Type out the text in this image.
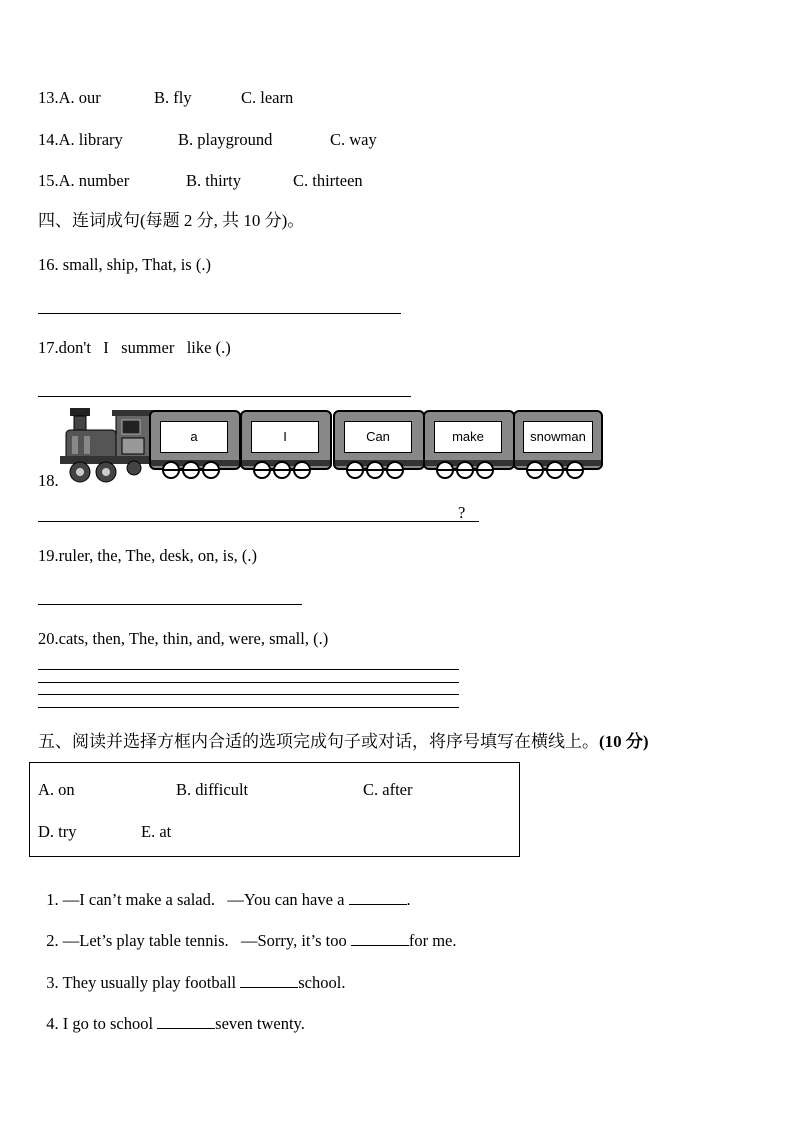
13.A. our	B. fly	C. learn
14.A. library	B. playground	C. way
15.A. number	B. thirty	C. thirteen
四、连词成句(每题 2 分, 共 10 分)。
16. small, ship, That, is (.)
17.don't   I   summer   like (.)
18.
a	I	Can	make	snowman
?
19.ruler, the, The, desk, on, is, (.)
20.cats, then, The, thin, and, were, small, (.)
五、阅读并选择方框内合适的选项完成句子或对话，将序号填写在横线上。(10 分)
A. on	B. difficult	C. after
D. try	E. at

1. —I can’t make a salad.   —You can have a	.

2. —Let’s play table tennis.   —Sorry, it’s too	for me.

3. They usually play football	school.

4. I go to school	seven twenty.
